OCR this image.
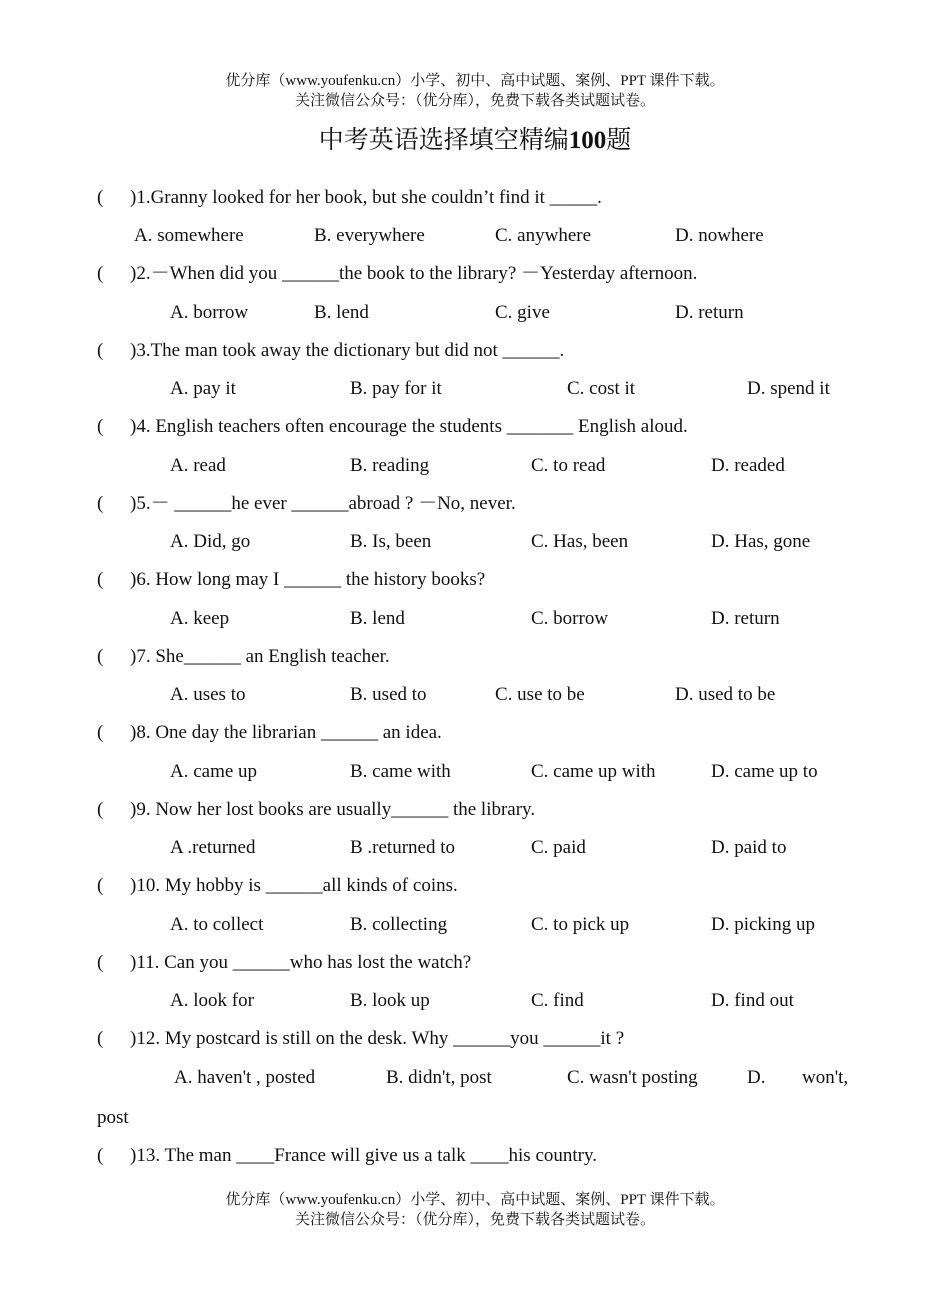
优分库（www.youfenku.cn）小学、初中、高中试题、案例、PPT 课件下载。
关注微信公众号：（优分库），免费下载各类试题试卷。
中考英语选择填空精编100题
( )1.Granny looked for her book, but she couldn’t find it _____.
A. somewhere	B. everywhere	C. anywhere	D. nowhere
( )2.－When did you ______the book to the library? －Yesterday afternoon.
A. borrow	B. lend	C. give	D. return
( )3.The man took away the dictionary but did not ______.
A. pay it	B. pay for it	C. cost it	D. spend it
( )4. English teachers often encourage the students _______ English aloud.
A. read	B. reading	C. to read	D. readed
( )5.－ ______he ever ______abroad ? －No, never.
A. Did, go	B. Is, been	C. Has, been	D. Has, gone
( )6. How long may I ______ the history books?
A. keep	B. lend	C. borrow	D. return
( )7. She______ an English teacher.
A. uses to	B. used to	C. use to be	D. used to be
( )8. One day the librarian ______ an idea.
A. came up	B. came with	C. came up with	D. came up to
( )9. Now her lost books are usually______ the library.
A .returned	B .returned to	C. paid	D. paid to
( )10. My hobby is ______all kinds of coins.
A. to collect	B. collecting	C. to pick up	D. picking up
( )11. Can you ______who has lost the watch?
A. look for	B. look up	C. find	D. find out
( )12. My postcard is still on the desk. Why ______you ______it ?
A. haven't , posted	B. didn't, post	C. wasn't posting	D. won't,
post
( )13. The man ____France will give us a talk ____his country.
优分库（www.youfenku.cn）小学、初中、高中试题、案例、PPT 课件下载。
关注微信公众号：（优分库），免费下载各类试题试卷。
